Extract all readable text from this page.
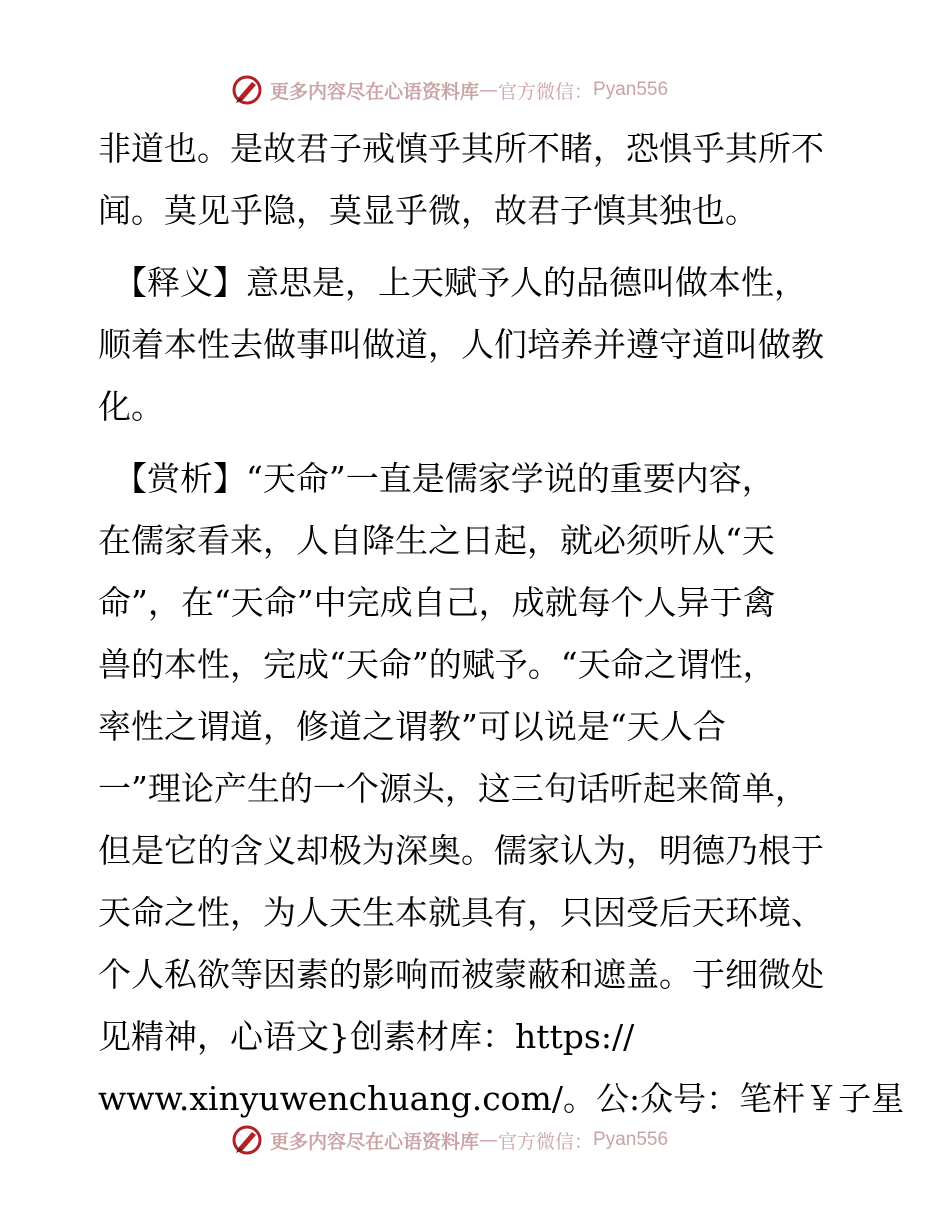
更多内容尽在心语资料库 — 官方微信： Pyan556
非道也。是故君子戒慎乎其所不睹，恐惧乎其所不
闻。莫见乎隐，莫显乎微，故君子慎其独也。
【释义】意思是，上天赋予人的品德叫做本性，
顺着本性去做事叫做道，人们培养并遵守道叫做教
化。
【赏析】“天命”一直是儒家学说的重要内容，
在儒家看来，人自降生之日起，就必须听从“天
命”，在“天命”中完成自己，成就每个人异于禽
兽的本性，完成“天命”的赋予。“天命之谓性，
率性之谓道，修道之谓教”可以说是“天人合
一”理论产生的一个源头，这三句话听起来简单，
但是它的含义却极为深奥。儒家认为，明德乃根于
天命之性，为人天生本就具有，只因受后天环境、
个人私欲等因素的影响而被蒙蔽和遮盖。于细微处
见精神，心语文}创素材库：https://
www.xinyuwenchuang.com/。公:众号：笔杆￥子星
更多内容尽在心语资料库 — 官方微信： Pyan556
